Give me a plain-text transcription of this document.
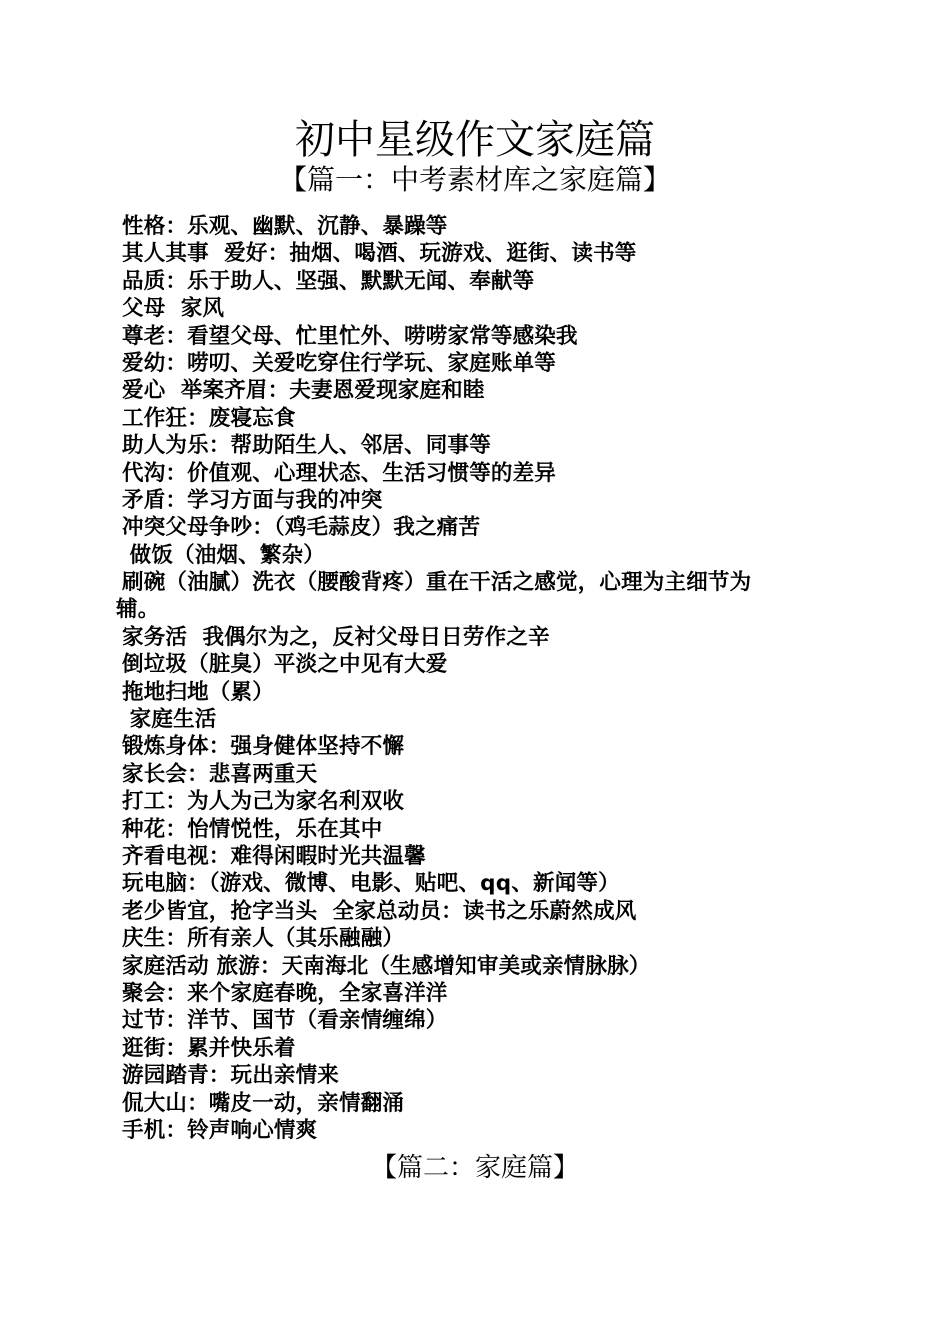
初中星级作文家庭篇
【篇一：中考素材库之家庭篇】
性格：乐观、幽默、沉静、暴躁等
其人其事  爱好：抽烟、喝酒、玩游戏、逛街、读书等
品质：乐于助人、坚强、默默无闻、奉献等
父母  家风
尊老：看望父母、忙里忙外、唠唠家常等感染我
爱幼：唠叨、关爱吃穿住行学玩、家庭账单等
爱心  举案齐眉：夫妻恩爱现家庭和睦
工作狂：废寝忘食
助人为乐：帮助陌生人、邻居、同事等
代沟：价值观、心理状态、生活习惯等的差异
矛盾：学习方面与我的冲突
冲突父母争吵：（鸡毛蒜皮）我之痛苦
做饭（油烟、繁杂）
刷碗（油腻）洗衣（腰酸背疼）重在干活之感觉，心理为主细节为
辅。
家务活  我偶尔为之，反衬父母日日劳作之辛
倒垃圾（脏臭）平淡之中见有大爱
拖地扫地（累）
家庭生活
锻炼身体：强身健体坚持不懈
家长会：悲喜两重天
打工：为人为己为家名利双收
种花：怡情悦性，乐在其中
齐看电视：难得闲暇时光共温馨
玩电脑：（游戏、微博、电影、贴吧、qq、新闻等）
老少皆宜，抢字当头  全家总动员：读书之乐蔚然成风
庆生：所有亲人（其乐融融）
家庭活动 旅游：天南海北（生感增知审美或亲情脉脉）
聚会：来个家庭春晚，全家喜洋洋
过节：洋节、国节（看亲情缠绵）
逛街：累并快乐着
游园踏青：玩出亲情来
侃大山：嘴皮一动，亲情翻涌
手机：铃声响心情爽
【篇二：家庭篇】
